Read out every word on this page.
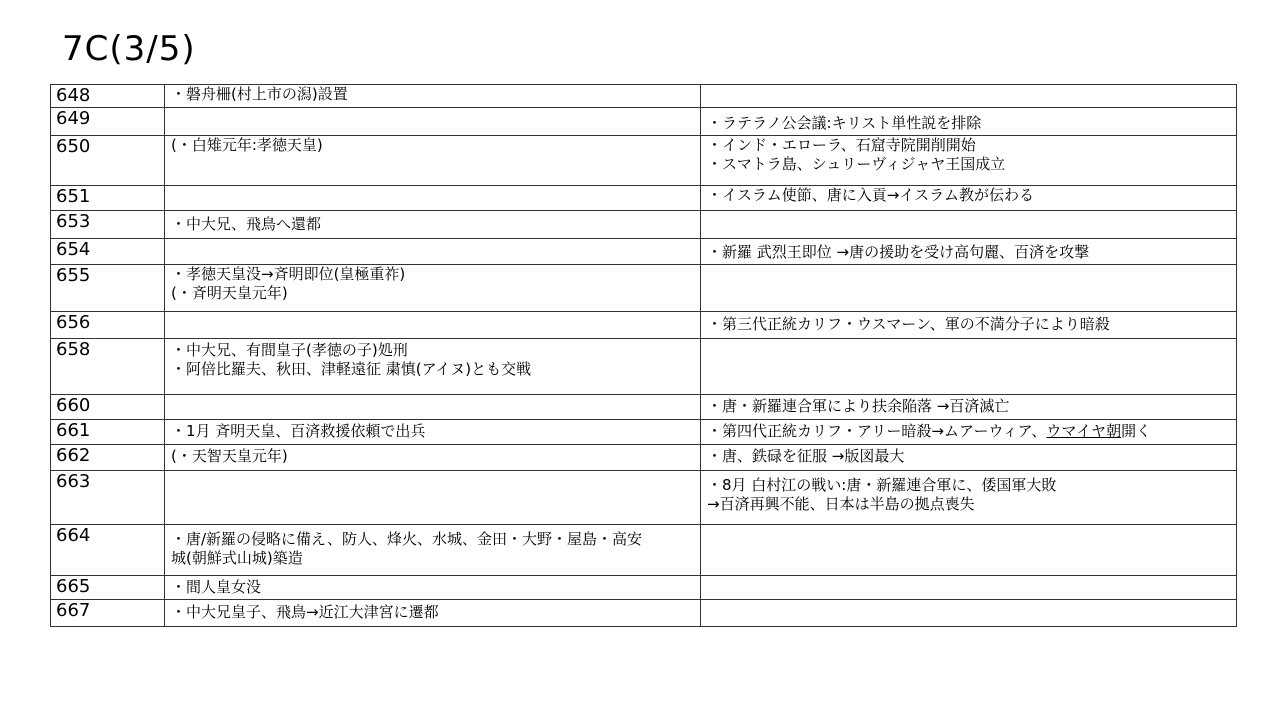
7C(3/5)
648	・磐舟柵(村上市の潟)設置	
649		・ラテラノ公会議:キリスト単性説を排除
650	(・白雉元年:孝徳天皇)	・インド・エローラ、石窟寺院開削開始
・スマトラ島、シュリーヴィジャヤ王国成立
651		・イスラム使節、唐に入貢→イスラム教が伝わる
653	・中大兄、飛鳥へ還都	
654		・新羅 武烈王即位 →唐の援助を受け高句麗、百済を攻撃
655	・孝徳天皇没→斉明即位(皇極重祚)
(・斉明天皇元年)	
656		・第三代正統カリフ・ウスマーン、軍の不満分子により暗殺
658	・中大兄、有間皇子(孝徳の子)処刑
・阿倍比羅夫、秋田、津軽遠征 粛慎(アイヌ)とも交戦	
660		・唐・新羅連合軍により扶余陥落 →百済滅亡
661	・1月 斉明天皇、百済救援依頼で出兵	・第四代正統カリフ・アリー暗殺→ムアーウィア、ウマイヤ朝開く
662	(・天智天皇元年)	・唐、鉄碌を征服 →版図最大
663		・8月 白村江の戦い:唐・新羅連合軍に、倭国軍大敗
→百済再興不能、日本は半島の拠点喪失
664	・唐/新羅の侵略に備え、防人、烽火、水城、金田・大野・屋島・高安
城(朝鮮式山城)築造	
665	・間人皇女没	
667	・中大兄皇子、飛鳥→近江大津宮に遷都	
